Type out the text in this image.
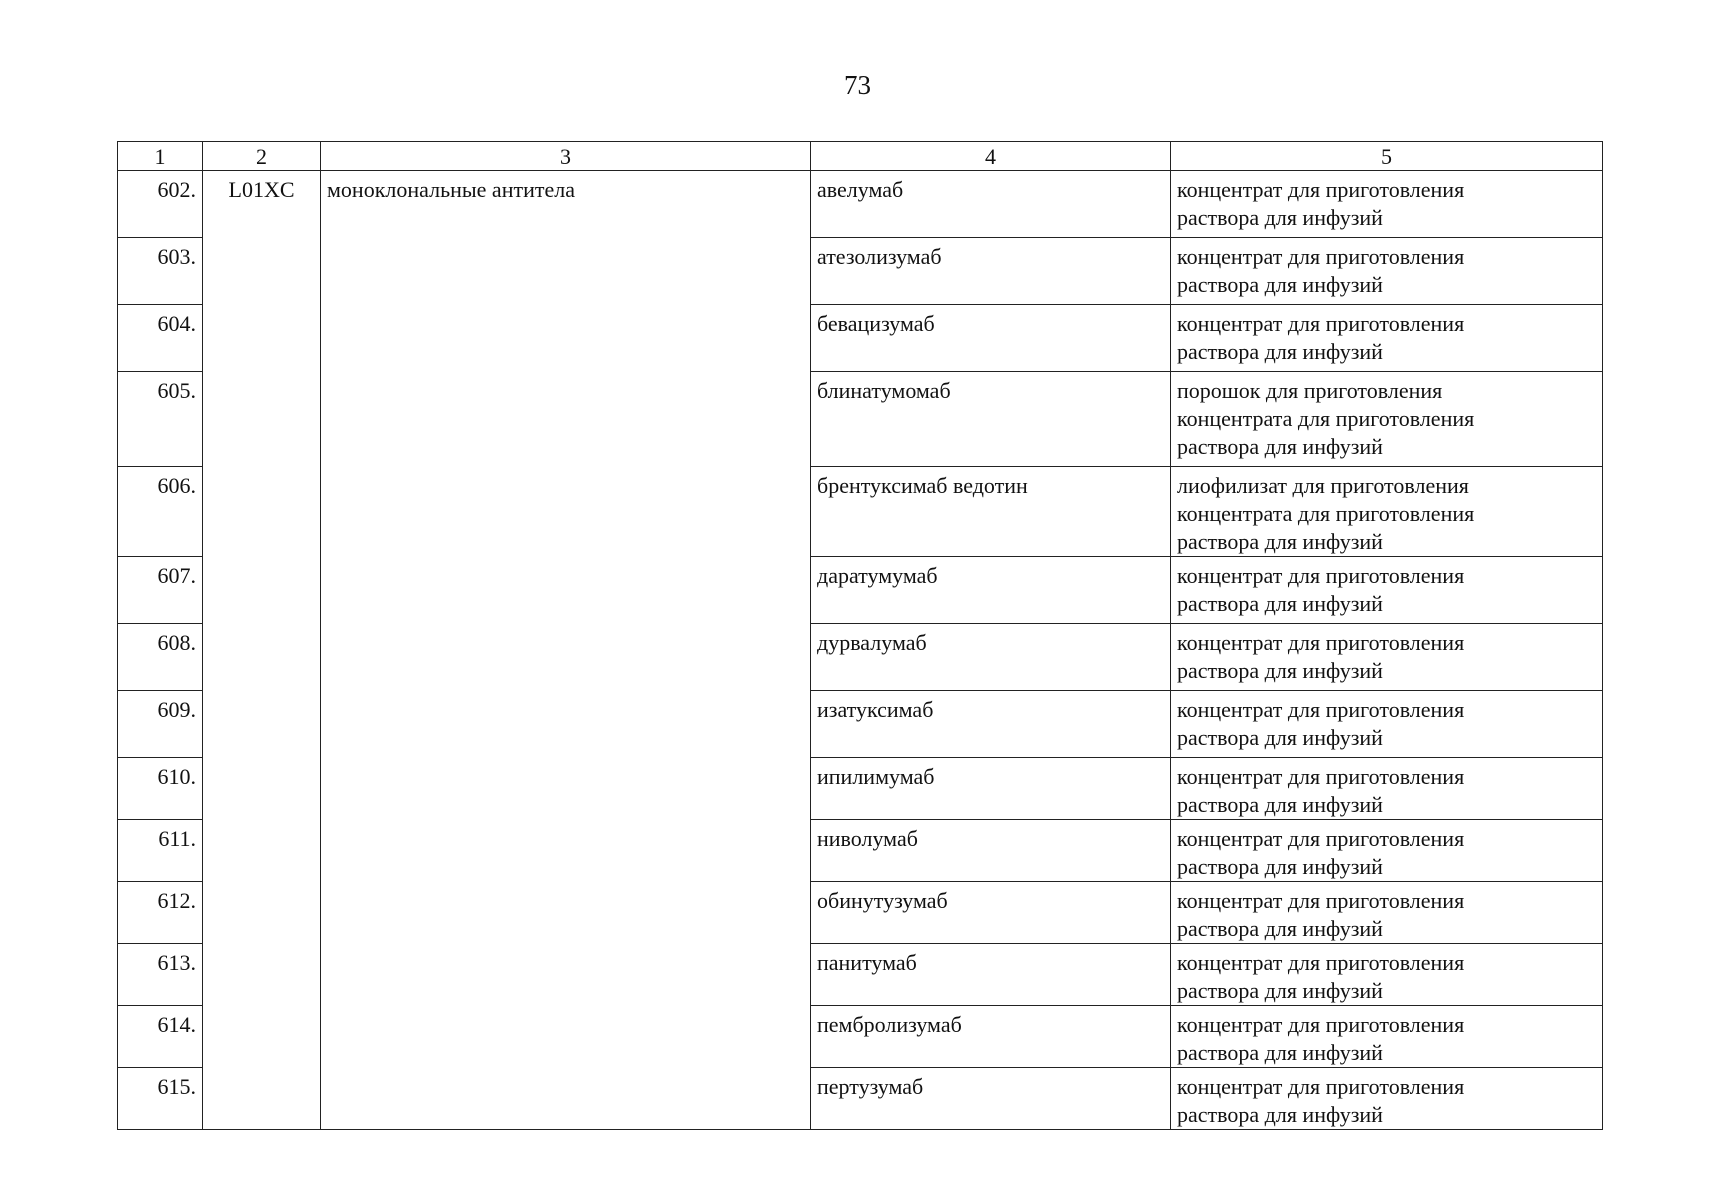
73
1	2	3	4	5
602.	L01XC	моноклональные антитела	авелумаб	концентрат для приготовления
раствора для инфузий

603.			атезолизумаб	концентрат для приготовления
раствора для инфузий

604.			бевацизумаб	концентрат для приготовления
раствора для инфузий

605.			блинатумомаб	порошок для приготовления
концентрата для приготовления
раствора для инфузий

606.			брентуксимаб ведотин	лиофилизат для приготовления
концентрата для приготовления
раствора для инфузий

607.			даратумумаб	концентрат для приготовления
раствора для инфузий

608.			дурвалумаб	концентрат для приготовления
раствора для инфузий

609.			изатуксимаб	концентрат для приготовления
раствора для инфузий

610.			ипилимумаб	концентрат для приготовления
раствора для инфузий

611.			ниволумаб	концентрат для приготовления
раствора для инфузий

612.			обинутузумаб	концентрат для приготовления
раствора для инфузий

613.			панитумаб	концентрат для приготовления
раствора для инфузий

614.			пембролизумаб	концентрат для приготовления
раствора для инфузий

615.			пертузумаб	концентрат для приготовления
раствора для инфузий
